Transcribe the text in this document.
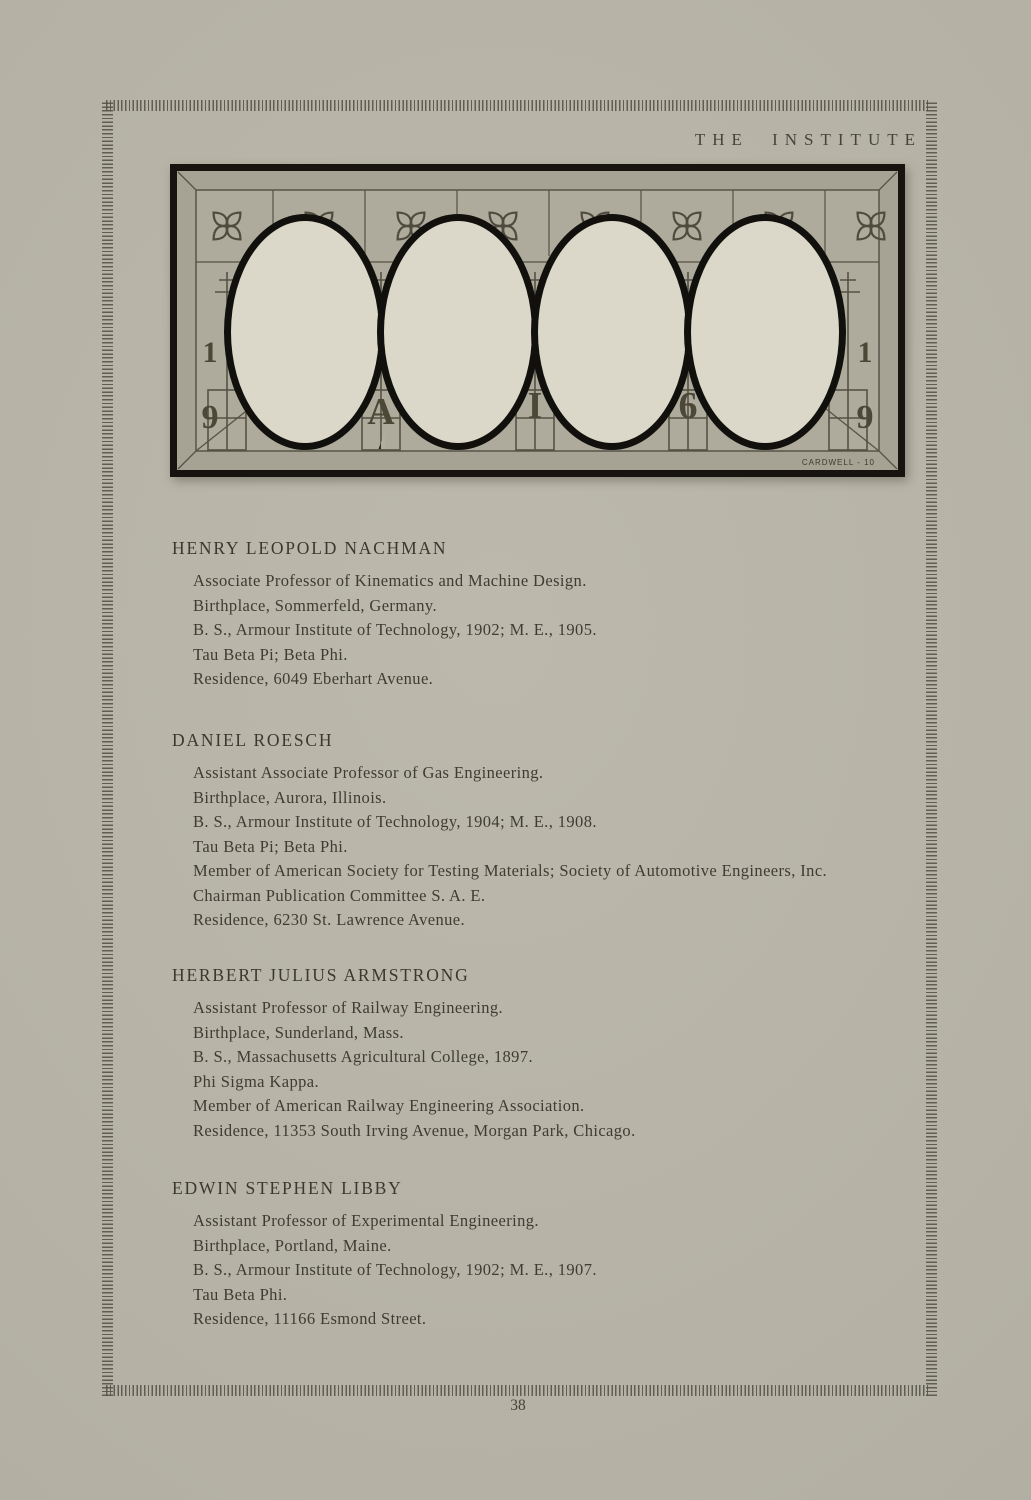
THE INSTITUTE
1
9	A	I	6
1
9
CARDWELL - 10
HENRY LEOPOLD NACHMAN
Associate Professor of Kinematics and Machine Design.
Birthplace, Sommerfeld, Germany.
B. S., Armour Institute of Technology, 1902; M. E., 1905.
Tau Beta Pi; Beta Phi.
Residence, 6049 Eberhart Avenue.
DANIEL ROESCH
Assistant Associate Professor of Gas Engineering.
Birthplace, Aurora, Illinois.
B. S., Armour Institute of Technology, 1904; M. E., 1908.
Tau Beta Pi; Beta Phi.
Member of American Society for Testing Materials; Society of Automotive Engineers, Inc.
Chairman Publication Committee S. A. E.
Residence, 6230 St. Lawrence Avenue.
HERBERT JULIUS ARMSTRONG
Assistant Professor of Railway Engineering.
Birthplace, Sunderland, Mass.
B. S., Massachusetts Agricultural College, 1897.
Phi Sigma Kappa.
Member of American Railway Engineering Association.
Residence, 11353 South Irving Avenue, Morgan Park, Chicago.
EDWIN STEPHEN LIBBY
Assistant Professor of Experimental Engineering.
Birthplace, Portland, Maine.
B. S., Armour Institute of Technology, 1902; M. E., 1907.
Tau Beta Phi.
Residence, 11166 Esmond Street.
38
